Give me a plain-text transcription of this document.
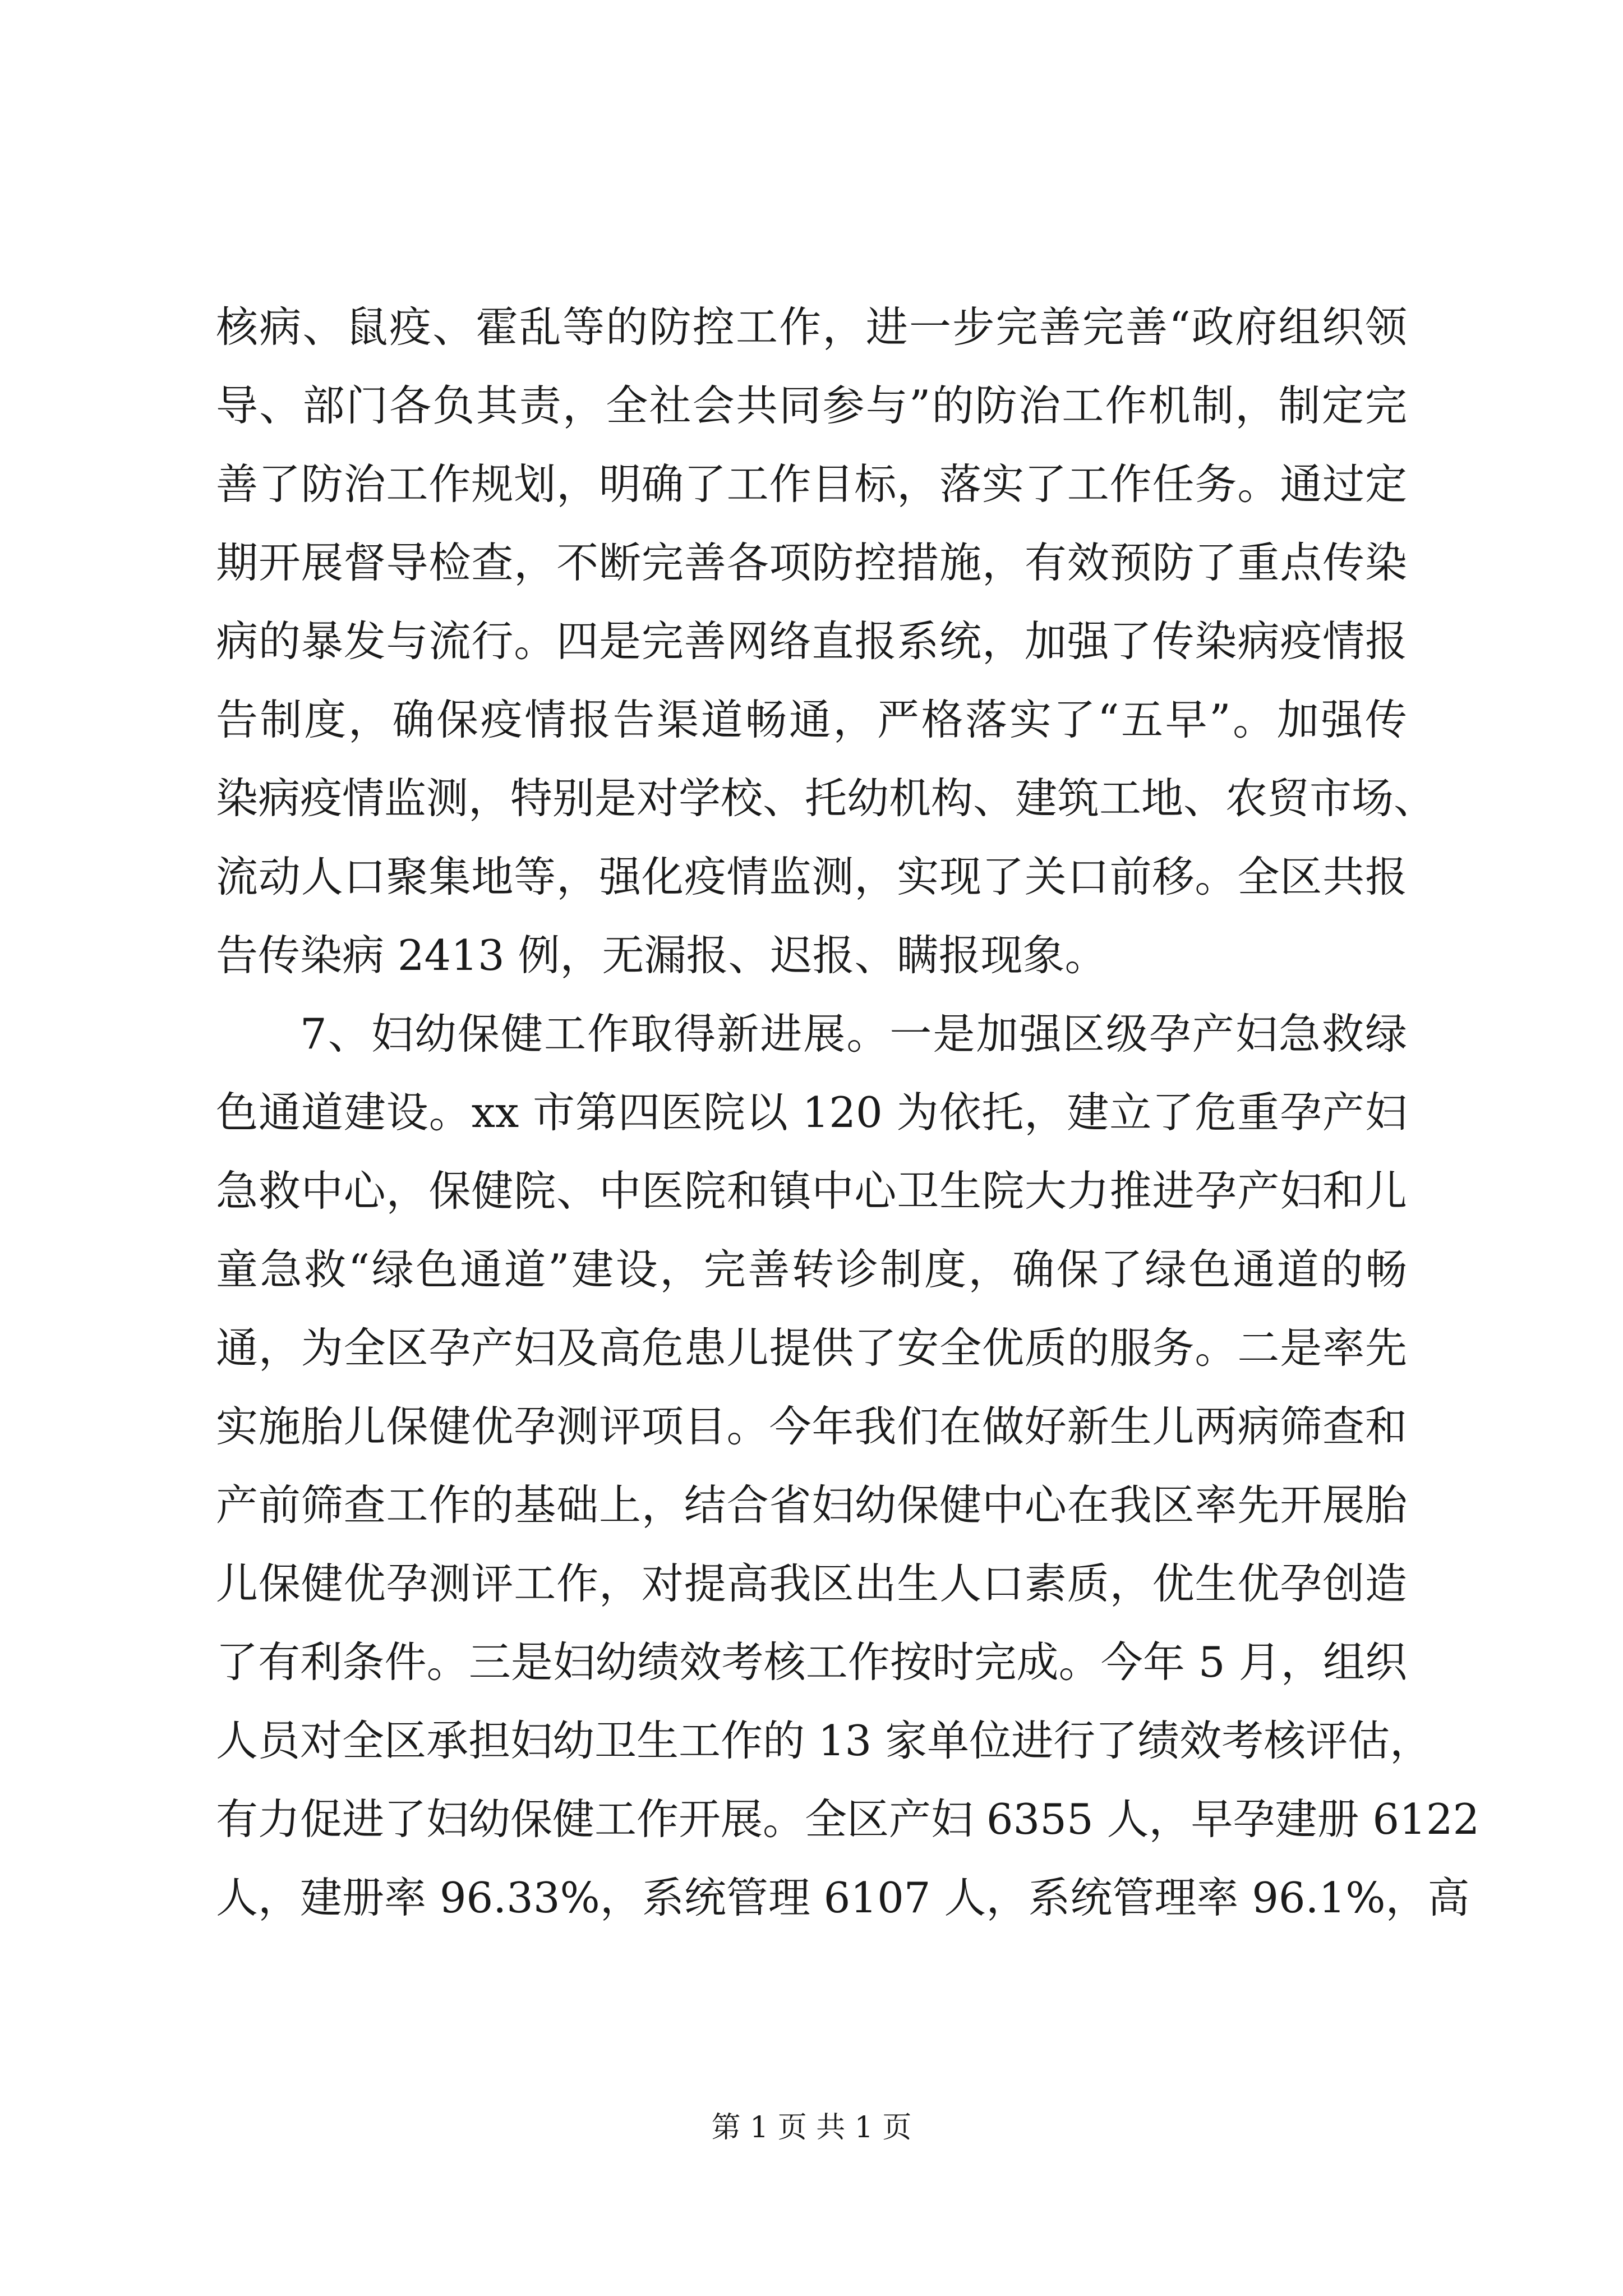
核病、鼠疫、霍乱等的防控工作，进一步完善完善“政府组织领
导、部门各负其责，全社会共同参与”的防治工作机制，制定完
善了防治工作规划，明确了工作目标，落实了工作任务。通过定
期开展督导检查，不断完善各项防控措施，有效预防了重点传染
病的暴发与流行。四是完善网络直报系统，加强了传染病疫情报
告制度，确保疫情报告渠道畅通，严格落实了“五早”。加强传
染病疫情监测，特别是对学校、托幼机构、建筑工地、农贸市场、
流动人口聚集地等，强化疫情监测，实现了关口前移。全区共报
告传染病 2413 例，无漏报、迟报、瞒报现象。
7、妇幼保健工作取得新进展。一是加强区级孕产妇急救绿
色通道建设。xx 市第四医院以 120 为依托，建立了危重孕产妇
急救中心，保健院、中医院和镇中心卫生院大力推进孕产妇和儿
童急救“绿色通道”建设，完善转诊制度，确保了绿色通道的畅
通，为全区孕产妇及高危患儿提供了安全优质的服务。二是率先
实施胎儿保健优孕测评项目。今年我们在做好新生儿两病筛查和
产前筛查工作的基础上，结合省妇幼保健中心在我区率先开展胎
儿保健优孕测评工作，对提高我区出生人口素质，优生优孕创造
了有利条件。三是妇幼绩效考核工作按时完成。今年 5 月，组织
人员对全区承担妇幼卫生工作的 13 家单位进行了绩效考核评估，
有力促进了妇幼保健工作开展。全区产妇 6355 人，早孕建册 6122
人，建册率 96.33%，系统管理 6107 人，系统管理率 96.1%，高
第 1 页 共 1 页
